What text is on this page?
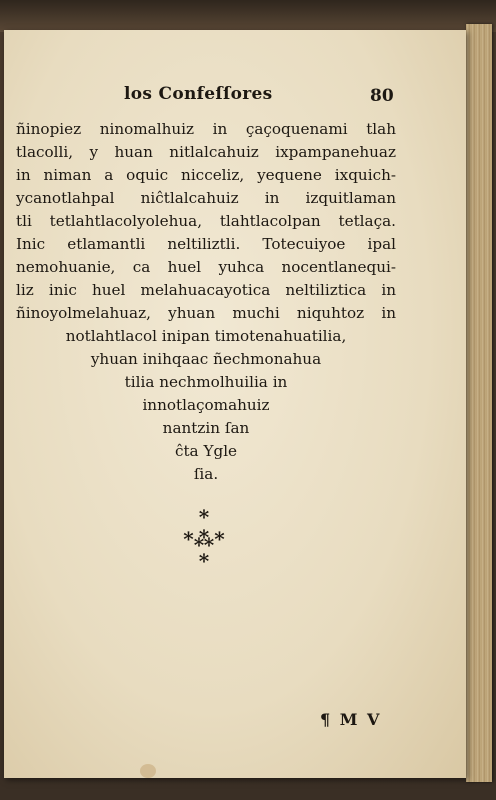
los Confeſſores	80
ñinopiez ninomalhuiz in çaçoquenami tlah
tlacolli, y huan nitlalcahuiz ixpampanehuaz
in niman a oquic nicceliz, yequene ixquich-
ycanotlahpal niĉtlalcahuiz in izquitlaman
tli tetlahtlacolyolehua, tlahtlacolpan tetlaça.
Inic etlamantli neltiliztli. Totecuiyoe ipal
nemohuanie, ca huel yuhca nocentlanequi-
liz inic huel melahuacayotica neltiliztica in
ñinoyolmelahuaz, yhuan muchi niquhtoz in
notlahtlacol inipan timotenahuatilia,
yhuan inihqaac ñechmonahua
tilia nechmolhuilia in
innotlaçomahuiz
nantzin ſan
ĉta Ygle
ſia.
*
*⁂*
*
¶ M V
